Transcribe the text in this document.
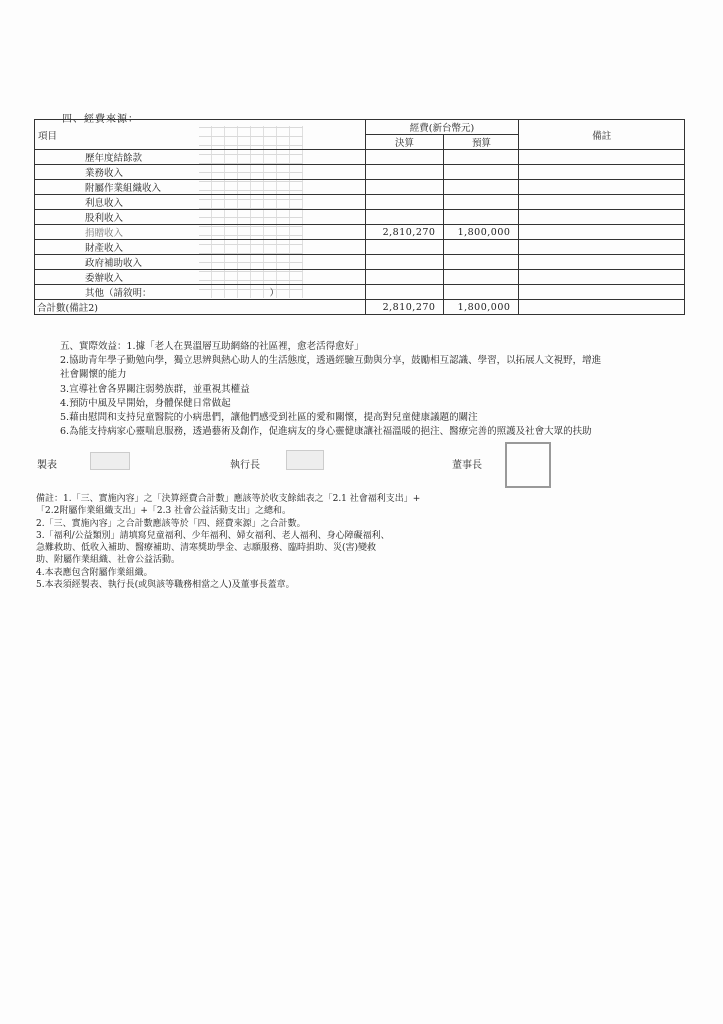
四、經費來源：
項目	經費(新台幣元)		備註
	決算	預算	
歷年度結餘款			
業務收入			
附屬作業組織收入			
利息收入			
股利收入			
捐贈收入	2,810,270	1,800,000	
財產收入			
政府補助收入			
委辦收入			
其他（請敘明： ）			
合計數(備註2)	2,810,270	1,800,000	
五、實際效益：1.據「老人在異溫層互助網絡的社區裡，愈老活得愈好」
2.協助青年學子勤勉向學，獨立思辨與熱心助人的生活態度，透過經驗互動與分享，鼓勵相互認識、學習，以拓展人文視野，增進
社會關懷的能力
3.宣導社會各界關注弱勢族群，並重視其權益
4.預防中風及早開始，身體保健日常做起
5.藉由慰問和支持兒童醫院的小病患們，讓他們感受到社區的愛和關懷，提高對兒童健康議題的關注
6.為能支持病家心靈喘息服務，透過藝術及創作，促進病友的身心靈健康讓社福溫暖的挹注、醫療完善的照護及社會大眾的扶助
製表	執行長	董事長
備註：1.「三、實施內容」之「決算經費合計數」應該等於收支餘絀表之「2.1 社會福利支出」+
「2.2附屬作業組織支出」+「2.3 社會公益活動支出」之總和。
2.「三、實施內容」之合計數應該等於「四、經費來源」之合計數。
3.「福利/公益類別」請填寫兒童福利、少年福利、婦女福利、老人福利、身心障礙福利、
急難救助、低收入補助、醫療補助、清寒獎助學金、志願服務、臨時捐助、災(害)變救
助、附屬作業組織、社會公益活動。
4.本表應包含附屬作業組織。
5.本表須經製表、執行長(或與該等職務相當之人)及董事長蓋章。
